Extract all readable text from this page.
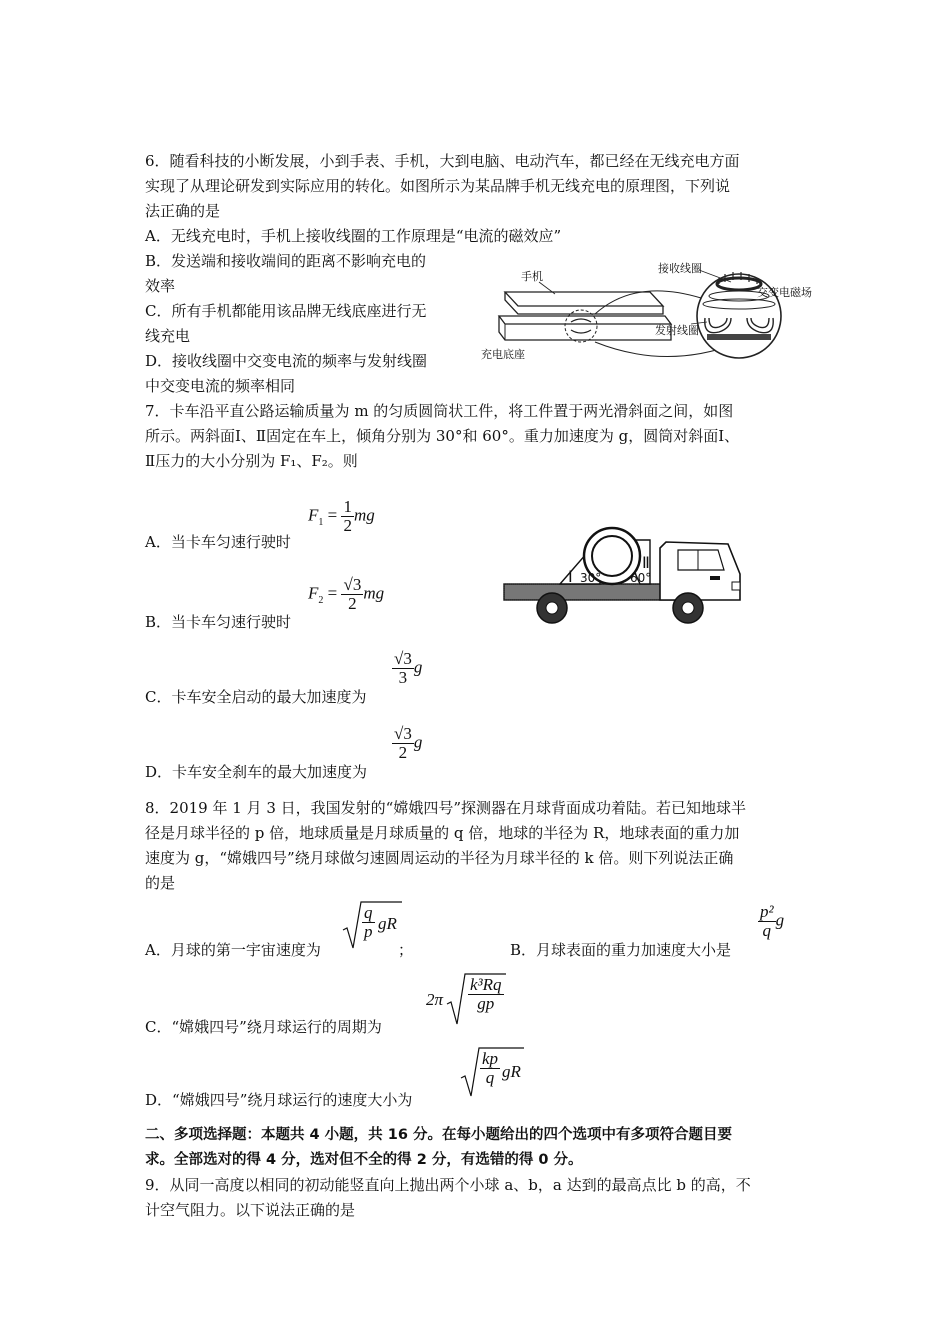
6．随看科技的小断发展，小到手表、手机，大到电脑、电动汽车，都已经在无线充电方面
实现了从理论研发到实际应用的转化。如图所示为某品牌手机无线充电的原理图，下列说
法正确的是
A．无线充电时，手机上接收线圈的工作原理是“电流的磁效应”
B．发送端和接收端间的距离不影响充电的
效率
C．所有手机都能用该品牌无线底座进行无
线充电
D．接收线圈中交变电流的频率与发射线圈
中交变电流的频率相同
手机
充电底座
接收线圈
交变电磁场
发射线圈
7．卡车沿平直公路运输质量为 m 的匀质圆筒状工件，将工件置于两光滑斜面之间，如图
所示。两斜面Ⅰ、Ⅱ固定在车上，倾角分别为 30°和 60°。重力加速度为 g，圆筒对斜面Ⅰ、
Ⅱ压力的大小分别为 F₁、F₂。则
A．当卡车匀速行驶时
$F_1 = \frac{1}{2}$ mg
B．当卡车匀速行驶时
$F_2 = \frac{√3}{2}$ mg
C．卡车安全启动的最大加速度为
$\frac{√3}{3}$ g
D．卡车安全刹车的最大加速度为
$\frac{√3}{2}$ g
Ⅰ 30°
Ⅱ
60°
8．2019 年 1 月 3 日，我国发射的“嫦娥四号”探测器在月球背面成功着陆。若已知地球半
径是月球半径的 p 倍，地球质量是月球质量的 q 倍，地球的半径为 R，地球表面的重力加
速度为 g，“嫦娥四号”绕月球做匀速圆周运动的半径为月球半径的 k 倍。则下列说法正确
的是
A．月球的第一宇宙速度为
$\frac{q}{p}$ gR
；	B．月球表面的重力加速度大小是
$\frac{\text{p²}}{q}$ g
C．“嫦娥四号”绕月球运行的周期为
$2\pi \frac{\text{k³Rq}}{gp}$
D．“嫦娥四号”绕月球运行的速度大小为
$\frac{kp}{q}$ gR
二、多项选择题：本题共 4 小题，共 16 分。在每小题给出的四个选项中有多项符合题目要
求。全部选对的得 4 分，选对但不全的得 2 分，有选错的得 0 分。
9．从同一高度以相同的初动能竖直向上抛出两个小球 a、b，a 达到的最高点比 b 的高，不
计空气阻力。以下说法正确的是
